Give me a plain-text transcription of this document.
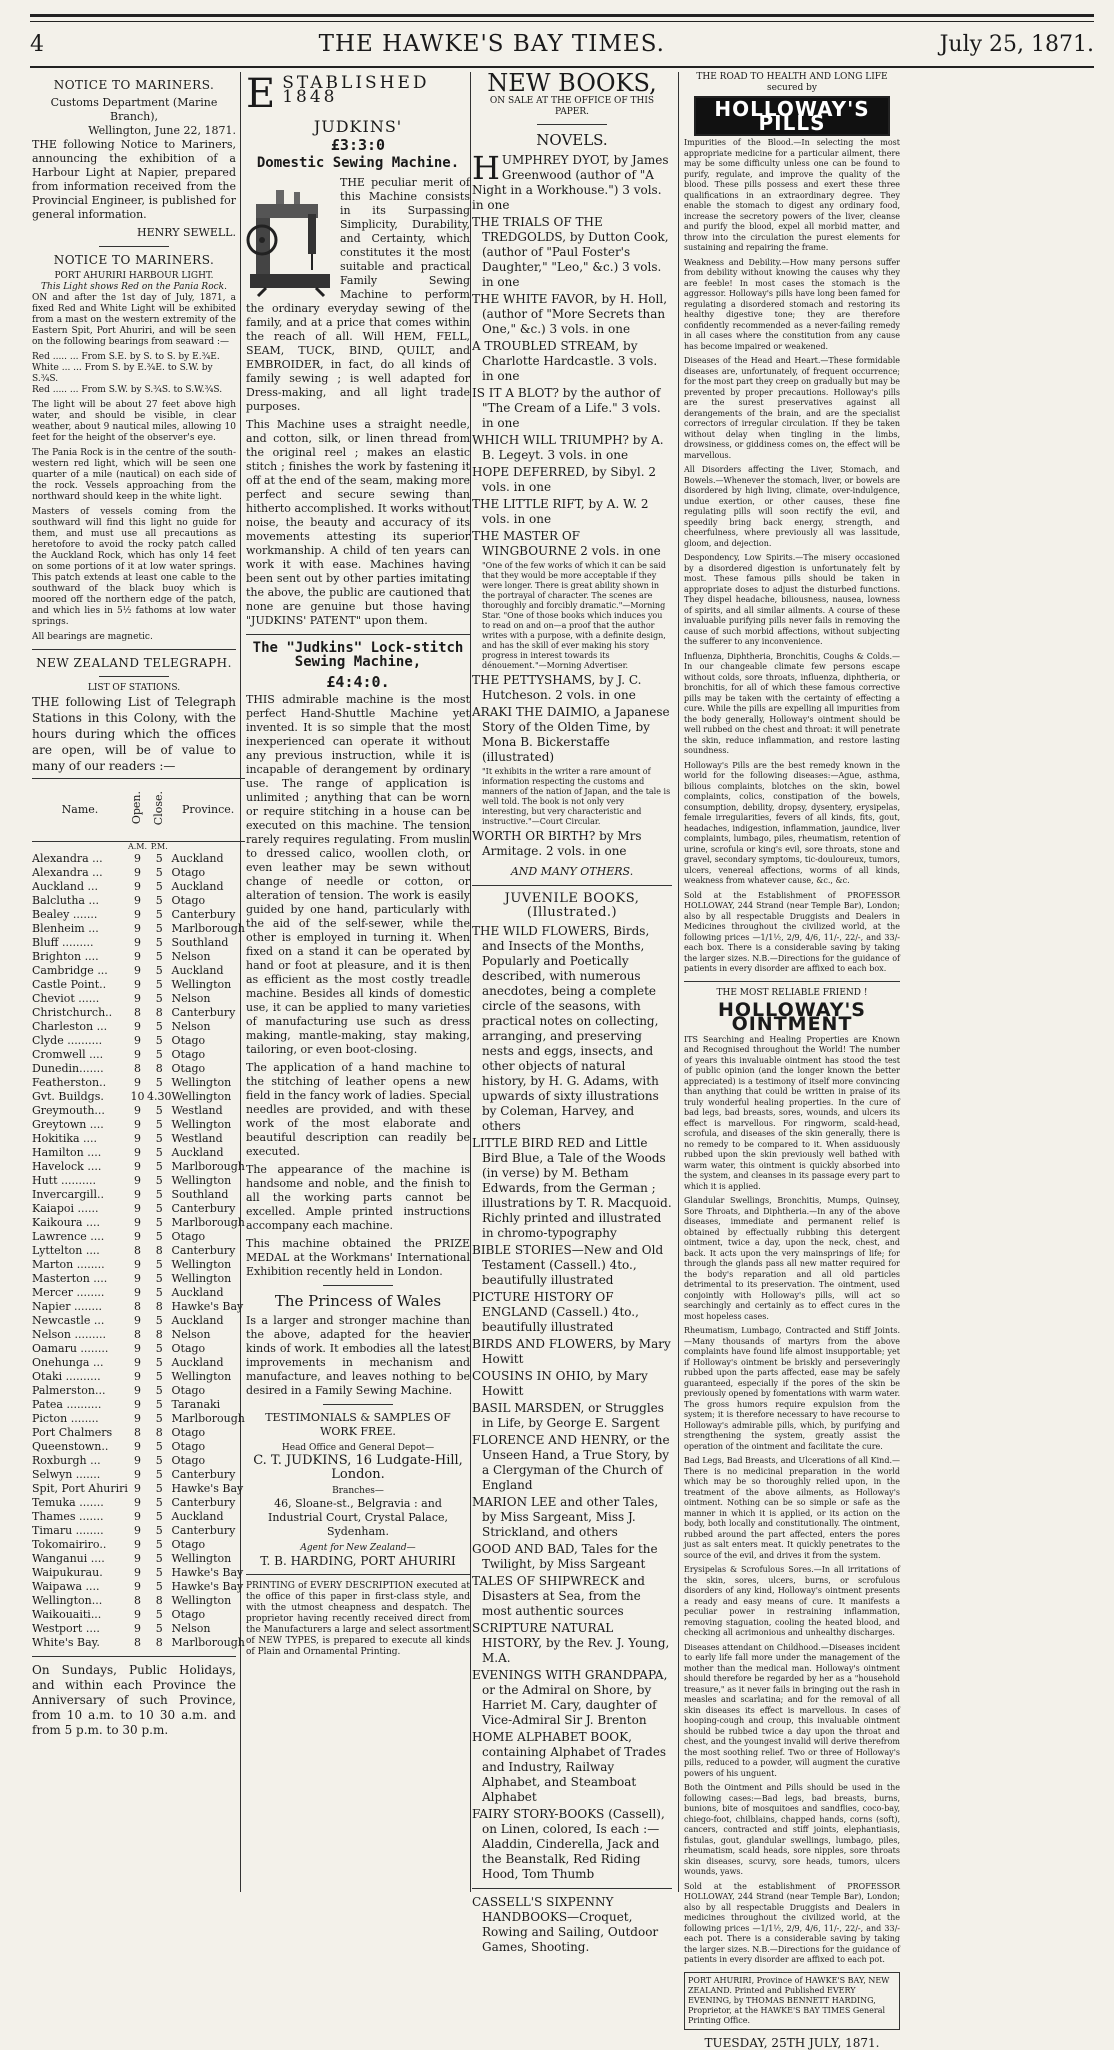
4	THE HAWKE'S BAY TIMES.	July 25, 1871.
NOTICE TO MARINERS.
Customs Department (Marine Branch),
Wellington, June 22, 1871.

THE following Notice to Mariners, announcing the exhibition of a Harbour Light at Napier, prepared from information received from the Provincial Engineer, is published for general information.

HENRY SEWELL.
NOTICE TO MARINERS.
PORT AHURIRI HARBOUR LIGHT.
This Light shows Red on the Pania Rock.

ON and after the 1st day of July, 1871, a fixed Red and White Light will be exhibited from a mast on the western extremity of the Eastern Spit, Port Ahuriri, and will be seen on the following bearings from seaward :—

Red ..... ... From S.E. by S. to S. by E.¾E.
White ... ... From S. by E.¾E. to S.W. by S.¾S.
Red ..... ... From S.W. by S.¾S. to S.W.¾S.

The light will be about 27 feet above high water, and should be visible, in clear weather, about 9 nautical miles, allowing 10 feet for the height of the observer's eye.

The Pania Rock is in the centre of the south-western red light, which will be seen one quarter of a mile (nautical) on each side of the rock. Vessels approaching from the northward should keep in the white light.

Masters of vessels coming from the southward will find this light no guide for them, and must use all precautions as heretofore to avoid the rocky patch called the Auckland Rock, which has only 14 feet on some portions of it at low water springs. This patch extends at least one cable to the southward of the black buoy which is moored off the northern edge of the patch, and which lies in 5½ fathoms at low water springs.

All bearings are magnetic.

NEW ZEALAND TELEGRAPH.
LIST OF STATIONS.

THE following List of Telegraph Stations in this Colony, with the hours during which the offices are open, will be of value to many of our readers :—

Name.	Open.	Close.	Province.
	A.M.	P.M.	
Alexandra ...	9	5	Auckland
Alexandra ...	9	5	Otago
Auckland ...	9	5	Auckland
Balclutha ...	9	5	Otago
Bealey .......	9	5	Canterbury
Blenheim ...	9	5	Marlborough
Bluff .........	9	5	Southland
Brighton ....	9	5	Nelson
Cambridge ...	9	5	Auckland
Castle Point..	9	5	Wellington
Cheviot ......	9	5	Nelson
Christchurch..	8	8	Canterbury
Charleston ...	9	5	Nelson
Clyde ..........	9	5	Otago
Cromwell ....	9	5	Otago
Dunedin.......	8	8	Otago
Featherston..	9	5	Wellington
Gvt. Buildgs.	10	4.30	Wellington
Greymouth...	9	5	Westland
Greytown ....	9	5	Wellington
Hokitika ....	9	5	Westland
Hamilton ....	9	5	Auckland
Havelock ....	9	5	Marlborough
Hutt ..........	9	5	Wellington
Invercargill..	9	5	Southland
Kaiapoi ......	9	5	Canterbury
Kaikoura ....	9	5	Marlborough
Lawrence ....	9	5	Otago
Lyttelton ....	8	8	Canterbury
Marton ........	9	5	Wellington
Masterton ....	9	5	Wellington
Mercer ........	9	5	Auckland
Napier ........	8	8	Hawke's Bay
Newcastle ...	9	5	Auckland
Nelson .........	8	8	Nelson
Oamaru ........	9	5	Otago
Onehunga ...	9	5	Auckland
Otaki ..........	9	5	Wellington
Palmerston...	9	5	Otago
Patea ..........	9	5	Taranaki
Picton ........	9	5	Marlborough
Port Chalmers	8	8	Otago
Queenstown..	9	5	Otago
Roxburgh ...	9	5	Otago
Selwyn .......	9	5	Canterbury
Spit, Port Ahuriri	9	5	Hawke's Bay
Temuka .......	9	5	Canterbury
Thames .......	9	5	Auckland
Timaru ........	9	5	Canterbury
Tokomairiro..	9	5	Otago
Wanganui ....	9	5	Wellington
Waipukurau.	9	5	Hawke's Bay
Waipawa ....	9	5	Hawke's Bay
Wellington...	8	8	Wellington
Waikouaiti...	9	5	Otago
Westport ....	9	5	Nelson
White's Bay.	8	8	Marlborough

On Sundays, Public Holidays, and within each Province the Anniversary of such Province, from 10 a.m. to 10 30 a.m. and from 5 p.m. to 30 p.m.

E STABLISHED 1848
JUDKINS'
£3:3:0
Domestic Sewing Machine.

THE peculiar merit of this Machine consists in its Surpassing Simplicity, Durability, and Certainty, which constitutes it the most suitable and practical Family Sewing Machine to perform the ordinary everyday sewing of the family, and at a price that comes within the reach of all. Will HEM, FELL, SEAM, TUCK, BIND, QUILT, and EMBROIDER, in fact, do all kinds of family sewing ; is well adapted for Dress-making, and all light trade purposes.

This Machine uses a straight needle, and cotton, silk, or linen thread from the original reel ; makes an elastic stitch ; finishes the work by fastening it off at the end of the seam, making more perfect and secure sewing than hitherto accomplished. It works without noise, the beauty and accuracy of its movements attesting its superior workmanship. A child of ten years can work it with ease. Machines having been sent out by other parties imitating the above, the public are cautioned that none are genuine but those having "JUDKINS' PATENT" upon them.

The "Judkins" Lock-stitch Sewing Machine,
£4:4:0.

THIS admirable machine is the most perfect Hand-Shuttle Machine yet invented. It is so simple that the most inexperienced can operate it without any previous instruction, while it is incapable of derangement by ordinary use. The range of application is unlimited ; anything that can be worn or require stitching in a house can be executed on this machine. The tension rarely requires regulating. From muslin to dressed calico, woollen cloth, or even leather may be sewn without change of needle or cotton, or alteration of tension. The work is easily guided by one hand, particularly with the aid of the self-sewer, while the other is employed in turning it. When fixed on a stand it can be operated by hand or foot at pleasure, and it is then as efficient as the most costly treadle machine. Besides all kinds of domestic use, it can be applied to many varieties of manufacturing use such as dress making, mantle-making, stay making, tailoring, or even boot-closing.

The application of a hand machine to the stitching of leather opens a new field in the fancy work of ladies. Special needles are provided, and with these work of the most elaborate and beautiful description can readily be executed.

The appearance of the machine is handsome and noble, and the finish to all the working parts cannot be excelled. Ample printed instructions accompany each machine.

This machine obtained the PRIZE MEDAL at the Workmans' International Exhibition recently held in London.

The Princess of Wales

Is a larger and stronger machine than the above, adapted for the heavier kinds of work. It embodies all the latest improvements in mechanism and manufacture, and leaves nothing to be desired in a Family Sewing Machine.

TESTIMONIALS & SAMPLES OF WORK FREE.
Head Office and General Depot—
C. T. JUDKINS, 16 Ludgate-Hill, London.
Branches—
46, Sloane-st., Belgravia : and Industrial Court, Crystal Palace, Sydenham.
Agent for New Zealand—
T. B. HARDING, PORT AHURIRI

PRINTING of EVERY DESCRIPTION executed at the office of this paper in first-class style, and with the utmost cheapness and despatch. The proprietor having recently received direct from the Manufacturers a large and select assortment of NEW TYPES, is prepared to execute all kinds of Plain and Ornamental Printing.

NEW BOOKS,
ON SALE AT THE OFFICE OF THIS PAPER.
NOVELS.
HUMPHREY DYOT, by James Greenwood (author of "A Night in a Workhouse.") 3 vols. in one

THE TRIALS OF THE TREDGOLDS, by Dutton Cook, (author of "Paul Foster's Daughter," "Leo," &c.) 3 vols. in one

THE WHITE FAVOR, by H. Holl, (author of "More Secrets than One," &c.) 3 vols. in one

A TROUBLED STREAM, by Charlotte Hardcastle. 3 vols. in one

IS IT A BLOT? by the author of "The Cream of a Life." 3 vols. in one

WHICH WILL TRIUMPH? by A. B. Legeyt. 3 vols. in one

HOPE DEFERRED, by Sibyl. 2 vols. in one

THE LITTLE RIFT, by A. W. 2 vols. in one

THE MASTER OF WINGBOURNE 2 vols. in one

"One of the few works of which it can be said that they would be more acceptable if they were longer. There is great ability shown in the portrayal of character. The scenes are thoroughly and forcibly dramatic."—Morning Star. "One of those books which induces you to read on and on—a proof that the author writes with a purpose, with a definite design, and has the skill of ever making his story progress in interest towards its dénouement."—Morning Advertiser.

THE PETTYSHAMS, by J. C. Hutcheson. 2 vols. in one

ARAKI THE DAIMIO, a Japanese Story of the Olden Time, by Mona B. Bickerstaffe (illustrated)

"It exhibits in the writer a rare amount of information respecting the customs and manners of the nation of Japan, and the tale is well told. The book is not only very interesting, but very characteristic and instructive."—Court Circular.

WORTH OR BIRTH? by Mrs Armitage. 2 vols. in one

AND MANY OTHERS.
JUVENILE BOOKS, (Illustrated.)

THE WILD FLOWERS, Birds, and Insects of the Months, Popularly and Poetically described, with numerous anecdotes, being a complete circle of the seasons, with practical notes on collecting, arranging, and preserving nests and eggs, insects, and other objects of natural history, by H. G. Adams, with upwards of sixty illustrations by Coleman, Harvey, and others

LITTLE BIRD RED and Little Bird Blue, a Tale of the Woods (in verse) by M. Betham Edwards, from the German ; illustrations by T. R. Macquoid. Richly printed and illustrated in chromo-typography

BIBLE STORIES—New and Old Testament (Cassell.) 4to., beautifully illustrated

PICTURE HISTORY OF ENGLAND (Cassell.) 4to., beautifully illustrated

BIRDS AND FLOWERS, by Mary Howitt

COUSINS IN OHIO, by Mary Howitt

BASIL MARSDEN, or Struggles in Life, by George E. Sargent

FLORENCE AND HENRY, or the Unseen Hand, a True Story, by a Clergyman of the Church of England

MARION LEE and other Tales, by Miss Sargeant, Miss J. Strickland, and others

GOOD AND BAD, Tales for the Twilight, by Miss Sargeant

TALES OF SHIPWRECK and Disasters at Sea, from the most authentic sources

SCRIPTURE NATURAL HISTORY, by the Rev. J. Young, M.A.

EVENINGS WITH GRANDPAPA, or the Admiral on Shore, by Harriet M. Cary, daughter of Vice-Admiral Sir J. Brenton

HOME ALPHABET BOOK, containing Alphabet of Trades and Industry, Railway Alphabet, and Steamboat Alphabet

FAIRY STORY-BOOKS (Cassell), on Linen, colored, Is each :—Aladdin, Cinderella, Jack and the Beanstalk, Red Riding Hood, Tom Thumb

CASSELL'S SIXPENNY HANDBOOKS—Croquet, Rowing and Sailing, Outdoor Games, Shooting.

THE ROAD TO HEALTH AND LONG LIFE secured by
HOLLOWAY'S PILLS

Impurities of the Blood.—In selecting the most appropriate medicine for a particular ailment, there may be some difficulty unless one can be found to purify, regulate, and improve the quality of the blood. These pills possess and exert these three qualifications in an extraordinary degree. They enable the stomach to digest any ordinary food, increase the secretory powers of the liver, cleanse and purify the blood, expel all morbid matter, and throw into the circulation the purest elements for sustaining and repairing the frame.

Weakness and Debility.—How many persons suffer from debility without knowing the causes why they are feeble! In most cases the stomach is the aggressor. Holloway's pills have long been famed for regulating a disordered stomach and restoring its healthy digestive tone; they are therefore confidently recommended as a never-failing remedy in all cases where the constitution from any cause has become impaired or weakened.

Diseases of the Head and Heart.—These formidable diseases are, unfortunately, of frequent occurrence; for the most part they creep on gradually but may be prevented by proper precautions. Holloway's pills are the surest preservatives against all derangements of the brain, and are the specialist correctors of irregular circulation. If they be taken without delay when tingling in the limbs, drowsiness, or giddiness comes on, the effect will be marvellous.

All Disorders affecting the Liver, Stomach, and Bowels.—Whenever the stomach, liver, or bowels are disordered by high living, climate, over-indulgence, undue exertion, or other causes, these fine regulating pills will soon rectify the evil, and speedily bring back energy, strength, and cheerfulness, where previously all was lassitude, gloom, and dejection.

Despondency, Low Spirits.—The misery occasioned by a disordered digestion is unfortunately felt by most. These famous pills should be taken in appropriate doses to adjust the disturbed functions. They dispel headache, biliousness, nausea, lowness of spirits, and all similar ailments. A course of these invaluable purifying pills never fails in removing the cause of such morbid affections, without subjecting the sufferer to any inconvenience.

Influenza, Diphtheria, Bronchitis, Coughs & Colds.—In our changeable climate few persons escape without colds, sore throats, influenza, diphtheria, or bronchitis, for all of which these famous corrective pills may be taken with the certainty of effecting a cure. While the pills are expelling all impurities from the body generally, Holloway's ointment should be well rubbed on the chest and throat: it will penetrate the skin, reduce inflammation, and restore lasting soundness.

Holloway's Pills are the best remedy known in the world for the following diseases:—Ague, asthma, bilious complaints, blotches on the skin, bowel complaints, colics, constipation of the bowels, consumption, debility, dropsy, dysentery, erysipelas, female irregularities, fevers of all kinds, fits, gout, headaches, indigestion, inflammation, jaundice, liver complaints, lumbago, piles, rheumatism, retention of urine, scrofula or king's evil, sore throats, stone and gravel, secondary symptoms, tic-douloureux, tumors, ulcers, venereal affections, worms of all kinds, weakness from whatever cause, &c., &c.

Sold at the Establishment of PROFESSOR HOLLOWAY, 244 Strand (near Temple Bar), London; also by all respectable Druggists and Dealers in Medicines throughout the civilized world, at the following prices —1/1½, 2/9, 4/6, 11/-, 22/-, and 33/- each box. There is a considerable saving by taking the larger sizes. N.B.—Directions for the guidance of patients in every disorder are affixed to each box.

THE MOST RELIABLE FRIEND !
HOLLOWAY'S OINTMENT

ITS Searching and Healing Properties are Known and Recognised throughout the World! The number of years this invaluable ointment has stood the test of public opinion (and the longer known the better appreciated) is a testimony of itself more convincing than anything that could be written in praise of its truly wonderful healing properties. In the cure of bad legs, bad breasts, sores, wounds, and ulcers its effect is marvellous. For ringworm, scald-head, scrofula, and diseases of the skin generally, there is no remedy to be compared to it. When assiduously rubbed upon the skin previously well bathed with warm water, this ointment is quickly absorbed into the system, and cleanses in its passage every part to which it is applied.

Glandular Swellings, Bronchitis, Mumps, Quinsey, Sore Throats, and Diphtheria.—In any of the above diseases, immediate and permanent relief is obtained by effectually rubbing this detergent ointment, twice a day, upon the neck, chest, and back. It acts upon the very mainsprings of life; for through the glands pass all new matter required for the body's reparation and all old particles detrimental to its preservation. The ointment, used conjointly with Holloway's pills, will act so searchingly and certainly as to effect cures in the most hopeless cases.

Rheumatism, Lumbago, Contracted and Stiff Joints.—Many thousands of martyrs from the above complaints have found life almost insupportable; yet if Holloway's ointment be briskly and perseveringly rubbed upon the parts affected, ease may be safely guaranteed, especially if the pores of the skin be previously opened by fomentations with warm water. The gross humors require expulsion from the system; it is therefore necessary to have recourse to Holloway's admirable pills, which, by purifying and strengthening the system, greatly assist the operation of the ointment and facilitate the cure.

Bad Legs, Bad Breasts, and Ulcerations of all Kind.—There is no medicinal preparation in the world which may be so thoroughly relied upon, in the treatment of the above ailments, as Holloway's ointment. Nothing can be so simple or safe as the manner in which it is applied, or its action on the body, both locally and constitutionally. The ointment, rubbed around the part affected, enters the pores just as salt enters meat. It quickly penetrates to the source of the evil, and drives it from the system.

Erysipelas & Scrofulous Sores.—In all irritations of the skin, sores, ulcers, burns, or scrofulous disorders of any kind, Holloway's ointment presents a ready and easy means of cure. It manifests a peculiar power in restraining inflammation, removing staguation, cooling the heated blood, and checking all acrimonious and unhealthy discharges.

Diseases attendant on Childhood.—Diseases incident to early life fall more under the management of the mother than the medical man. Holloway's ointment should therefore be regarded by her as a "household treasure," as it never fails in bringing out the rash in measles and scarlatina; and for the removal of all skin diseases its effect is marvellous. In cases of hooping-cough and croup, this invaluable ointment should be rubbed twice a day upon the throat and chest, and the youngest invalid will derive therefrom the most soothing relief. Two or three of Holloway's pills, reduced to a powder, will augment the curative powers of his unguent.

Both the Ointment and Pills should be used in the following cases:—Bad legs, bad breasts, burns, bunions, bite of mosquitoes and sandflies, coco-bay, chiego-foot, chilblains, chapped hands, corns (soft), cancers, contracted and stiff joints, elephantiasis, fistulas, gout, glandular swellings, lumbago, piles, rheumatism, scald heads, sore nipples, sore throats skin diseases, scurvy, sore heads, tumors, ulcers wounds, yaws.

Sold at the establishment of PROFESSOR HOLLOWAY, 244 Strand (near Temple Bar), London; also by all respectable Druggists and Dealers in medicines throughout the civilized world, at the following prices —1/1½, 2/9, 4/6, 11/-, 22/-, and 33/- each pot. There is a considerable saving by taking the larger sizes. N.B.—Directions for the guidance of patients in every disorder are affixed to each pot.

PORT AHURIRI, Province of HAWKE'S BAY, NEW ZEALAND. Printed and Published EVERY EVENING, by THOMAS BENNETT HARDING, Proprietor, at the HAWKE'S BAY TIMES General Printing Office.
TUESDAY, 25TH JULY, 1871.
